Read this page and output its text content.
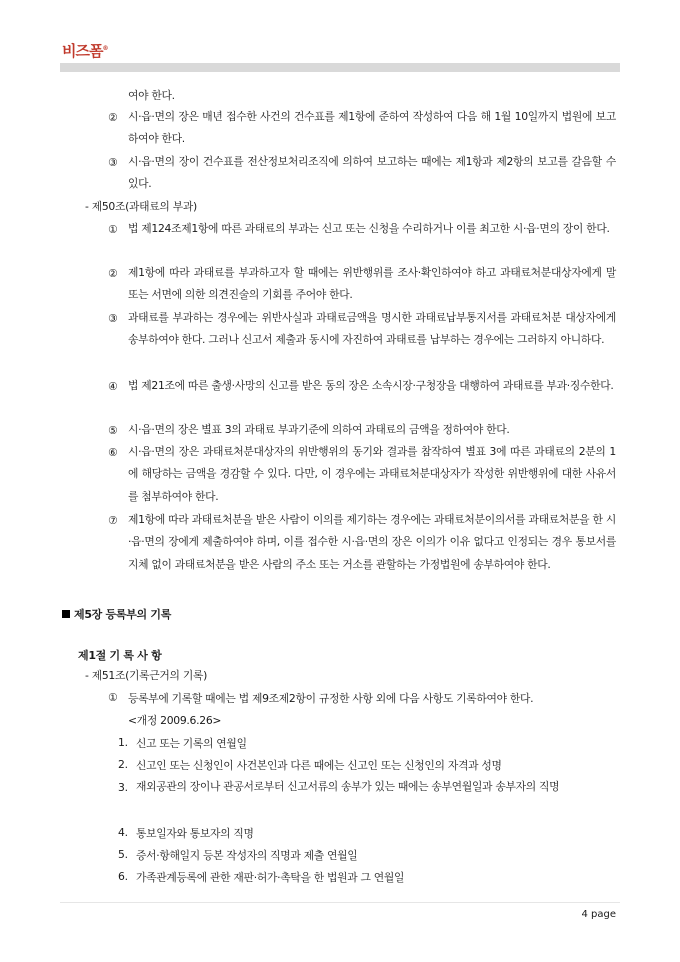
비즈폼®
여야 한다.
② 시·읍·면의 장은 매년 접수한 사건의 건수표를 제1항에 준하여 작성하여 다음 해 1월 10일까지 법원에 보고하여야 한다.
③ 시·읍·면의 장이 건수표를 전산정보처리조직에 의하여 보고하는 때에는 제1항과 제2항의 보고를 갈음할 수 있다.
- 제50조(과태료의 부과)
① 법 제124조제1항에 따른 과태료의 부과는 신고 또는 신청을 수리하거나 이를 최고한 시·읍·면의 장이 한다.
② 제1항에 따라 과태료를 부과하고자 할 때에는 위반행위를 조사·확인하여야 하고 과태료처분대상자에게 말 또는 서면에 의한 의견진술의 기회를 주어야 한다.
③ 과태료를 부과하는 경우에는 위반사실과 과태료금액을 명시한 과태료납부통지서를 과태료처분 대상자에게 송부하여야 한다. 그러나 신고서 제출과 동시에 자진하여 과태료를 납부하는 경우에는 그러하지 아니하다.
④ 법 제21조에 따른 출생·사망의 신고를 받은 동의 장은 소속시장·구청장을 대행하여 과태료를 부과·징수한다.
⑤ 시·읍·면의 장은 별표 3의 과태료 부과기준에 의하여 과태료의 금액을 정하여야 한다.
⑥ 시·읍·면의 장은 과태료처분대상자의 위반행위의 동기와 결과를 참작하여 별표 3에 따른 과태료의 2분의 1에 해당하는 금액을 경감할 수 있다. 다만, 이 경우에는 과태료처분대상자가 작성한 위반행위에 대한 사유서를 첨부하여야 한다.
⑦ 제1항에 따라 과태료처분을 받은 사람이 이의를 제기하는 경우에는 과태료처분이의서를 과태료처분을 한 시·읍·면의 장에게 제출하여야 하며, 이를 접수한 시·읍·면의 장은 이의가 이유 없다고 인정되는 경우 통보서를 지체 없이 과태료처분을 받은 사람의 주소 또는 거소를 관할하는 가정법원에 송부하여야 한다.
제5장 등록부의 기록
제1절 기 록 사 항
- 제51조(기록근거의 기록)
① 등록부에 기록할 때에는 법 제9조제2항이 규정한 사항 외에 다음 사항도 기록하여야 한다.
<개정 2009.6.26>
1. 신고 또는 기록의 연월일
2. 신고인 또는 신청인이 사건본인과 다른 때에는 신고인 또는 신청인의 자격과 성명
3. 재외공관의 장이나 관공서로부터 신고서류의 송부가 있는 때에는 송부연월일과 송부자의 직명
4. 통보일자와 통보자의 직명
5. 증서·항해일지 등본 작성자의 직명과 제출 연월일
6. 가족관계등록에 관한 재판·허가·촉탁을 한 법원과 그 연월일
4 page
